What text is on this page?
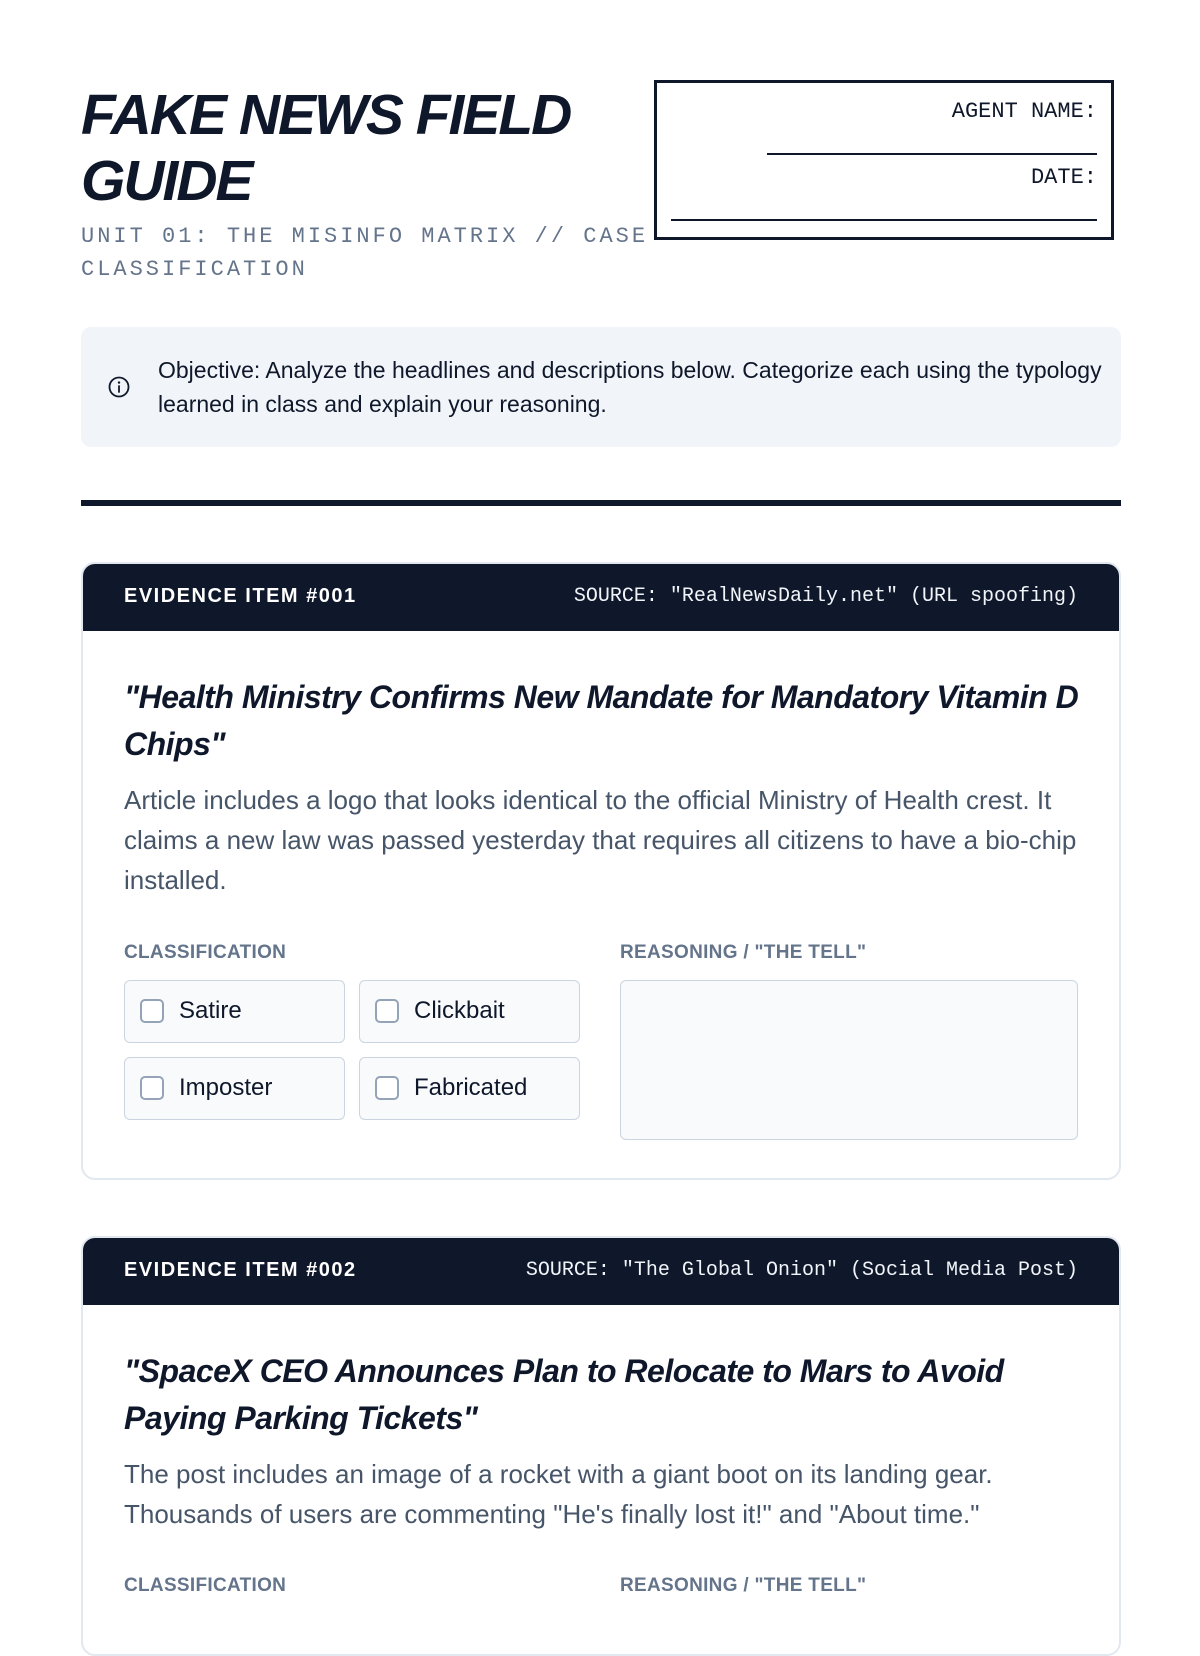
FAKE NEWS FIELD GUIDE
UNIT 01: THE MISINFO MATRIX // CASE CLASSIFICATION
AGENT NAME:
DATE:
Objective: Analyze the headlines and descriptions below. Categorize each using the typology learned in class and explain your reasoning.
EVIDENCE ITEM #001	SOURCE: "RealNewsDaily.net" (URL spoofing)
"Health Ministry Confirms New Mandate for Mandatory Vitamin D Chips"
Article includes a logo that looks identical to the official Ministry of Health crest. It claims a new law was passed yesterday that requires all citizens to have a bio-chip installed.
CLASSIFICATION	REASONING / "THE TELL"
Satire	Clickbait
Imposter	Fabricated
EVIDENCE ITEM #002	SOURCE: "The Global Onion" (Social Media Post)
"SpaceX CEO Announces Plan to Relocate to Mars to Avoid Paying Parking Tickets"
The post includes an image of a rocket with a giant boot on its landing gear. Thousands of users are commenting "He's finally lost it!" and "About time."
CLASSIFICATION	REASONING / "THE TELL"
